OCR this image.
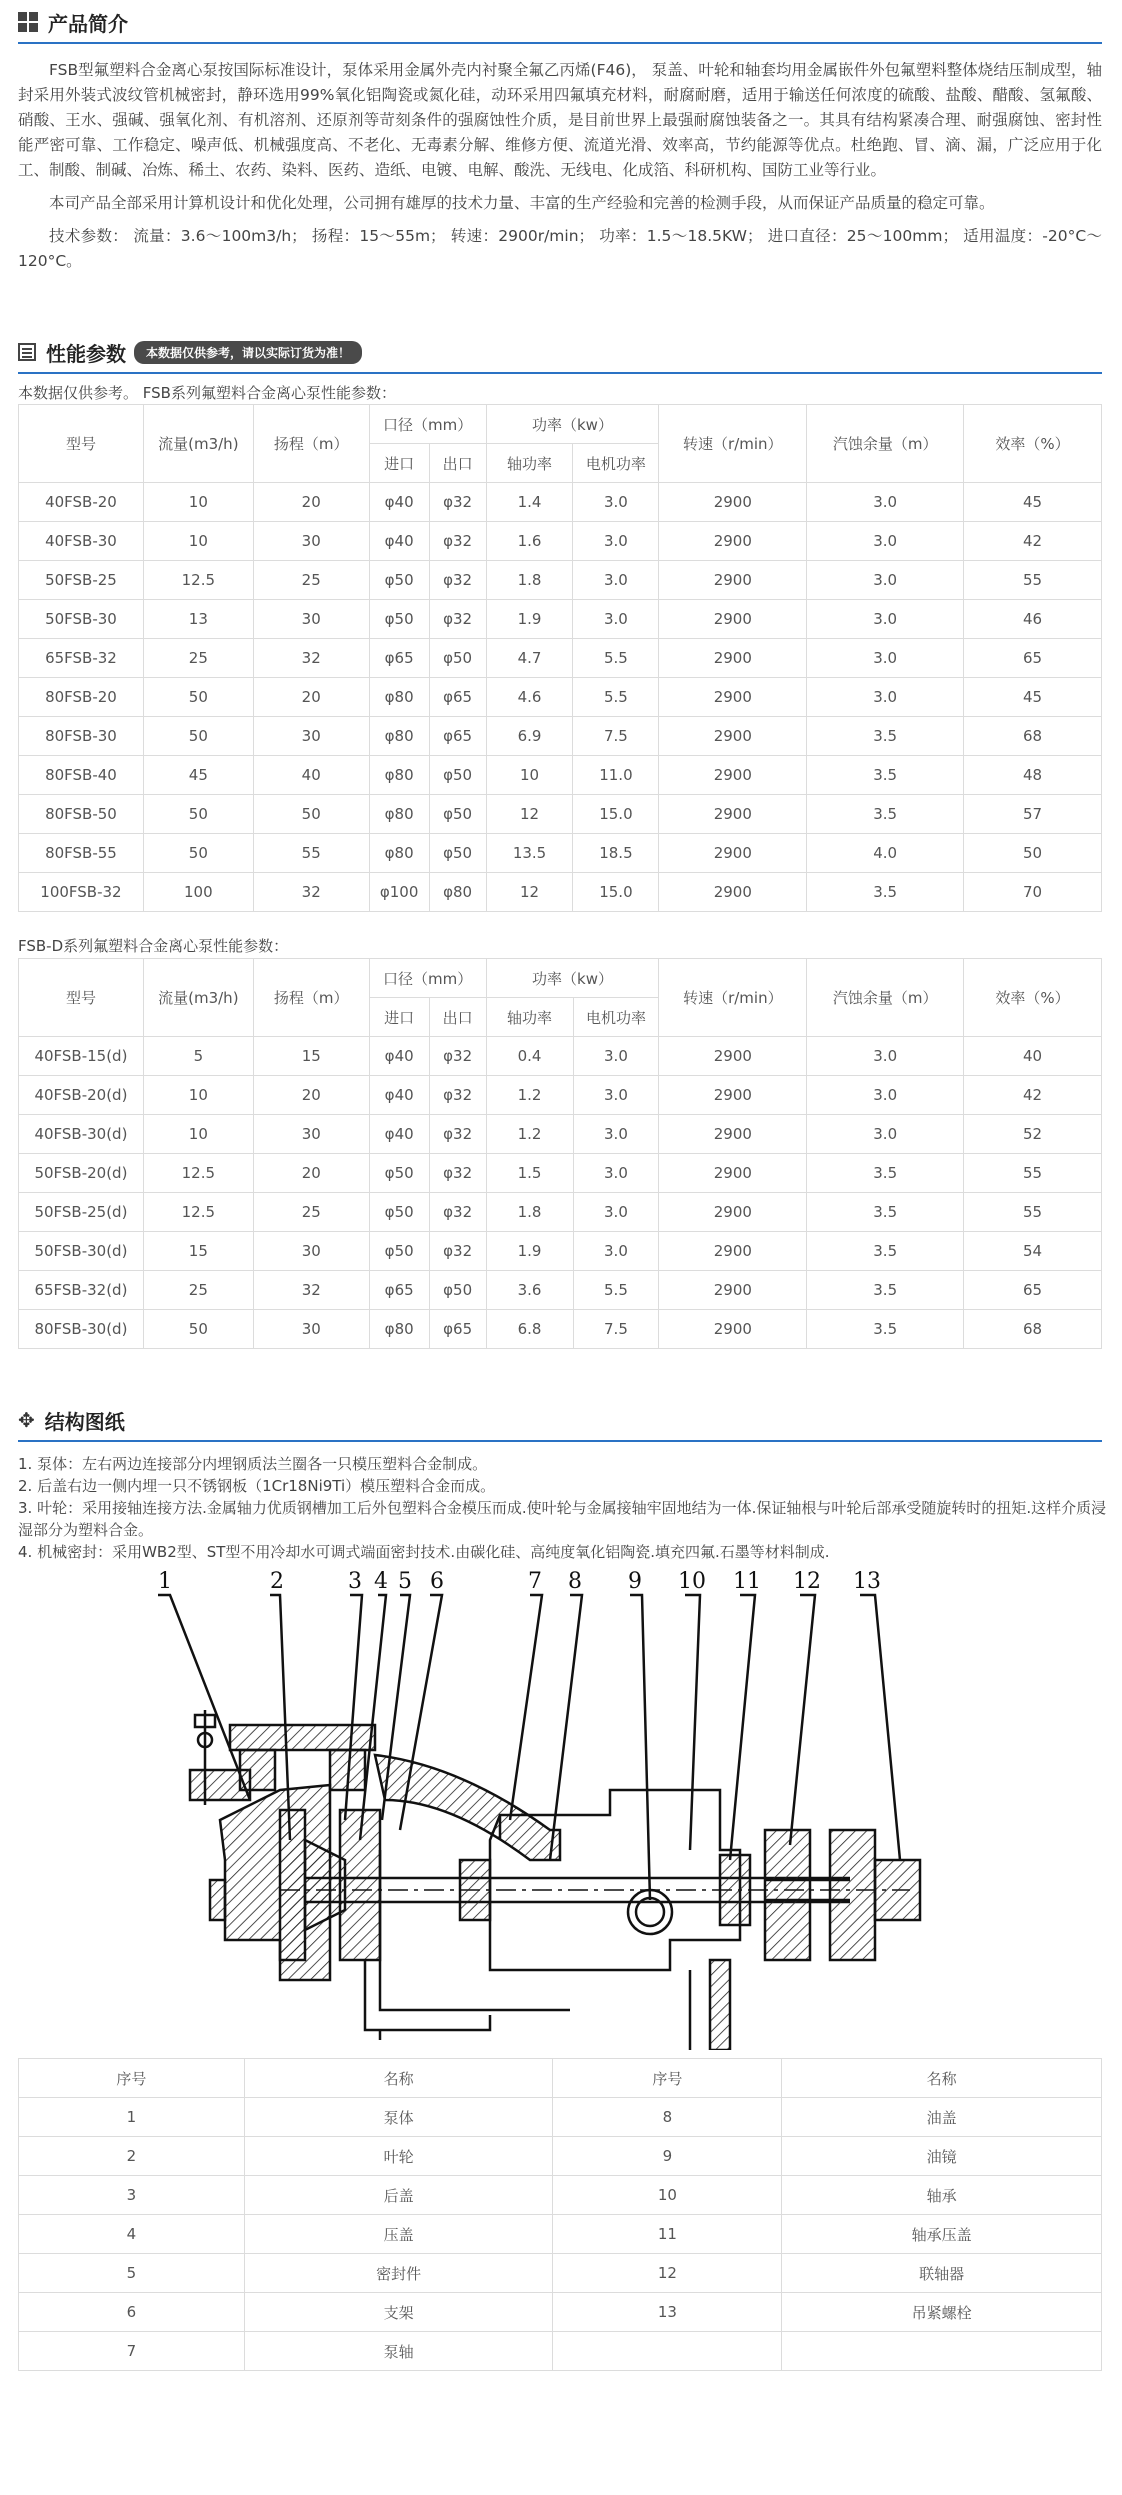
产品简介

FSB型氟塑料合金离心泵按国际标准设计，泵体采用金属外壳内衬聚全氟乙丙烯(F46)， 泵盖、叶轮和轴套均用金属嵌件外包氟塑料整体烧结压制成型，轴封采用外装式波纹管机械密封，静环选用99%氧化铝陶瓷或氮化硅，动环采用四氟填充材料，耐腐耐磨，适用于输送任何浓度的硫酸、盐酸、醋酸、氢氟酸、硝酸、王水、强碱、强氧化剂、有机溶剂、还原剂等苛刻条件的强腐蚀性介质，是目前世界上最强耐腐蚀装备之一。其具有结构紧凑合理、耐强腐蚀、密封性能严密可靠、工作稳定、噪声低、机械强度高、不老化、无毒素分解、维修方便、流道光滑、效率高，节约能源等优点。杜绝跑、冒、滴、漏，广泛应用于化工、制酸、制碱、冶炼、稀土、农药、染料、医药、造纸、电镀、电解、酸洗、无线电、化成箔、科研机构、国防工业等行业。

本司产品全部采用计算机设计和优化处理，公司拥有雄厚的技术力量、丰富的生产经验和完善的检测手段，从而保证产品质量的稳定可靠。

技术参数： 流量：3.6～100m3/h； 扬程：15～55m； 转速：2900r/min； 功率：1.5～18.5KW； 进口直径：25～100mm； 适用温度：-20°C～120°C。

性能参数	本数据仅供参考，请以实际订货为准！
本数据仅供参考。 FSB系列氟塑料合金离心泵性能参数：
型号	流量(m3/h)	扬程（m）	口径（mm）		功率（kw）		转速（r/min）	汽蚀余量（m）	效率（%）
			进口	出口	轴功率	电机功率			
40FSB-20	10	20	φ40	φ32	1.4	3.0	2900	3.0	45
40FSB-30	10	30	φ40	φ32	1.6	3.0	2900	3.0	42
50FSB-25	12.5	25	φ50	φ32	1.8	3.0	2900	3.0	55
50FSB-30	13	30	φ50	φ32	1.9	3.0	2900	3.0	46
65FSB-32	25	32	φ65	φ50	4.7	5.5	2900	3.0	65
80FSB-20	50	20	φ80	φ65	4.6	5.5	2900	3.0	45
80FSB-30	50	30	φ80	φ65	6.9	7.5	2900	3.5	68
80FSB-40	45	40	φ80	φ50	10	11.0	2900	3.5	48
80FSB-50	50	50	φ80	φ50	12	15.0	2900	3.5	57
80FSB-55	50	55	φ80	φ50	13.5	18.5	2900	4.0	50
100FSB-32	100	32	φ100	φ80	12	15.0	2900	3.5	70
FSB-D系列氟塑料合金离心泵性能参数：
型号	流量(m3/h)	扬程（m）	口径（mm）		功率（kw）		转速（r/min）	汽蚀余量（m）	效率（%）
			进口	出口	轴功率	电机功率			
40FSB-15(d)	5	15	φ40	φ32	0.4	3.0	2900	3.0	40
40FSB-20(d)	10	20	φ40	φ32	1.2	3.0	2900	3.0	42
40FSB-30(d)	10	30	φ40	φ32	1.2	3.0	2900	3.0	52
50FSB-20(d)	12.5	20	φ50	φ32	1.5	3.0	2900	3.5	55
50FSB-25(d)	12.5	25	φ50	φ32	1.8	3.0	2900	3.5	55
50FSB-30(d)	15	30	φ50	φ32	1.9	3.0	2900	3.5	54
65FSB-32(d)	25	32	φ65	φ50	3.6	5.5	2900	3.5	65
80FSB-30(d)	50	30	φ80	φ65	6.8	7.5	2900	3.5	68
✥ 结构图纸
1. 泵体：左右两边连接部分内埋钢质法兰圈各一只模压塑料合金制成。
2. 后盖右边一侧内埋一只不锈钢板（1Cr18Ni9Ti）模压塑料合金而成。
3. 叶轮：采用接轴连接方法.金属轴力优质钢槽加工后外包塑料合金模压而成.使叶轮与金属接轴牢固地结为一体.保证轴根与叶轮后部承受随旋转时的扭矩.这样介质浸湿部分为塑料合金。
4. 机械密封：采用WB2型、ST型不用冷却水可调式端面密封技术.由碳化硅、高纯度氧化铝陶瓷.填充四氟.石墨等材料制成.
1	2	3 4 5 6	7 8 9 10 11 12 13
序号	名称	序号	名称
1	泵体	8	油盖
2	叶轮	9	油镜
3	后盖	10	轴承
4	压盖	11	轴承压盖
5	密封件	12	联轴器
6	支架	13	吊紧螺栓
7	泵轴		
